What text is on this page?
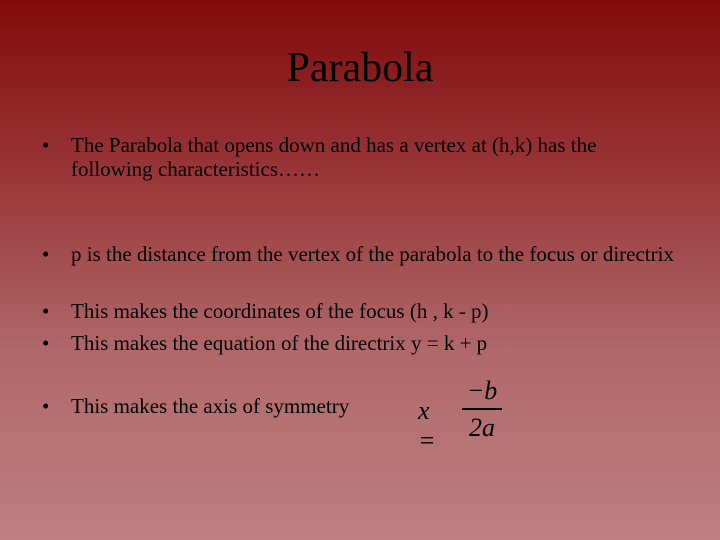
Parabola
• The Parabola that opens down and has a vertex at (h,k) has the following characteristics……
• p is the distance from the vertex of the parabola to the focus or directrix
• This makes the coordinates of the focus (h , k - p)
• This makes the equation of the directrix y = k + p
• This makes the axis of symmetry	x =
−b
2a
